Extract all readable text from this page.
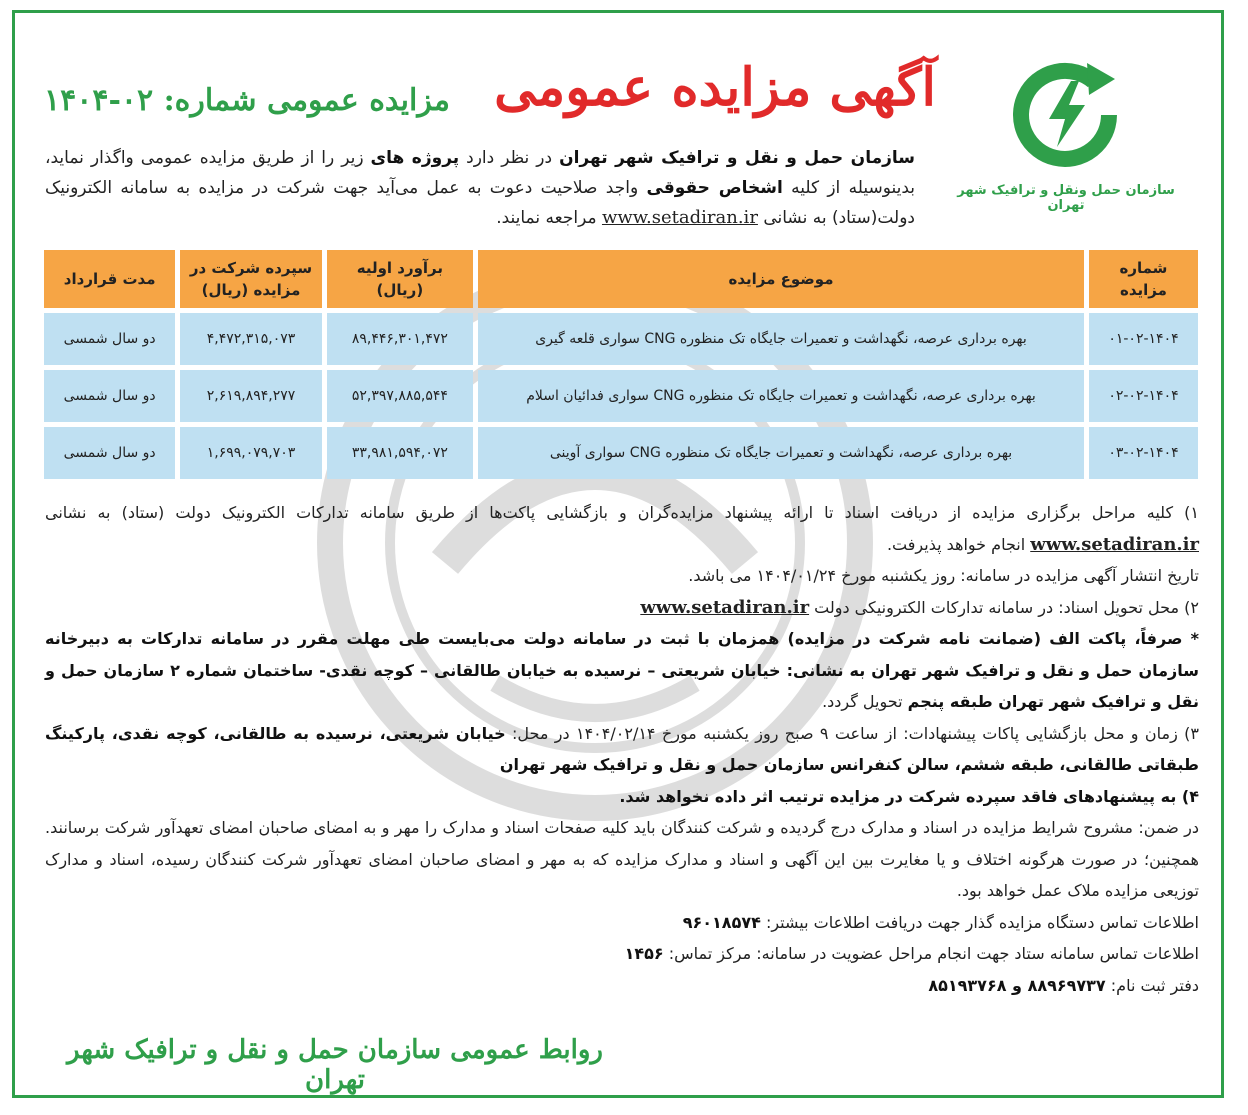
سازمان حمل ونقل و ترافیک شهر تهران
آگهی مزایده عمومی
مزایده عمومی شماره: ۰۲-۱۴۰۴
سازمان حمل و نقل و ترافیک شهر تهران در نظر دارد پروژه های زیر را از طریق مزایده عمومی واگذار نماید، بدینوسیله از کلیه اشخاص حقوقی واجد صلاحیت دعوت به عمل می‌آید جهت شرکت در مزایده به سامانه الکترونیک دولت(ستاد) به نشانی www.setadiran.ir مراجعه نمایند.
شماره مزایده	موضوع مزایده	برآورد اولیه (ریال)	سپرده شرکت در مزایده (ریال)	مدت قرارداد
۰۱-۰۲-۱۴۰۴	بهره برداری عرصه، نگهداشت و تعمیرات جایگاه تک منظوره CNG سواری قلعه گیری	۸۹,۴۴۶,۳۰۱,۴۷۲	۴,۴۷۲,۳۱۵,۰۷۳	دو سال شمسی
۰۲-۰۲-۱۴۰۴	بهره برداری عرصه، نگهداشت و تعمیرات جایگاه تک منظوره CNG سواری فدائیان اسلام	۵۲,۳۹۷,۸۸۵,۵۴۴	۲,۶۱۹,۸۹۴,۲۷۷	دو سال شمسی
۰۳-۰۲-۱۴۰۴	بهره برداری عرصه، نگهداشت و تعمیرات جایگاه تک منظوره CNG سواری آوینی	۳۳,۹۸۱,۵۹۴,۰۷۲	۱,۶۹۹,۰۷۹,۷۰۳	دو سال شمسی

۱) کلیه مراحل برگزاری مزایده از دریافت اسناد تا ارائه پیشنهاد مزایده‌گران و بازگشایی پاکت‌ها از طریق سامانه تدارکات الکترونیک دولت (ستاد) به نشانی www.setadiran.ir انجام خواهد پذیرفت.

تاریخ انتشار آگهی مزایده در سامانه: روز یکشنبه مورخ ۱۴۰۴/۰۱/۲۴ می باشد.

۲) محل تحویل اسناد: در سامانه تدارکات الکترونیکی دولت www.setadiran.ir

* صرفاً، پاکت الف (ضمانت نامه شرکت در مزایده) همزمان با ثبت در سامانه دولت می‌بایست طی مهلت مقرر در سامانه تدارکات به دبیرخانه سازمان حمل و نقل و ترافیک شهر تهران به نشانی: خیابان شریعتی – نرسیده به خیابان طالقانی – کوچه نقدی- ساختمان شماره ۲ سازمان حمل و نقل و ترافیک شهر تهران طبقه پنجم تحویل گردد.

۳) زمان و محل بازگشایی پاکات پیشنهادات: از ساعت ۹ صبح روز یکشنبه مورخ ۱۴۰۴/۰۲/۱۴ در محل: خیابان شریعتی، نرسیده به طالقانی، کوچه نقدی، پارکینگ طبقاتی طالقانی، طبقه ششم، سالن کنفرانس سازمان حمل و نقل و ترافیک شهر تهران

۴) به پیشنهادهای فاقد سپرده شرکت در مزایده ترتیب اثر داده نخواهد شد.

در ضمن: مشروح شرایط مزایده در اسناد و مدارک درج گردیده و شرکت کنندگان باید کلیه صفحات اسناد و مدارک را مهر و به امضای صاحبان امضای تعهدآور شرکت برسانند. همچنین؛ در صورت هرگونه اختلاف و یا مغایرت بین این آگهی و اسناد و مدارک مزایده که به مهر و امضای صاحبان امضای تعهدآور شرکت کنندگان رسیده، اسناد و مدارک توزیعی مزایده ملاک عمل خواهد بود.

اطلاعات تماس دستگاه مزایده گذار جهت دریافت اطلاعات بیشتر: ۹۶۰۱۸۵۷۴

اطلاعات تماس سامانه ستاد جهت انجام مراحل عضویت در سامانه: مرکز تماس: ۱۴۵۶

دفتر ثبت نام: ۸۸۹۶۹۷۳۷ و ۸۵۱۹۳۷۶۸

روابط عمومی سازمان حمل و نقل و ترافیک شهر تهران
